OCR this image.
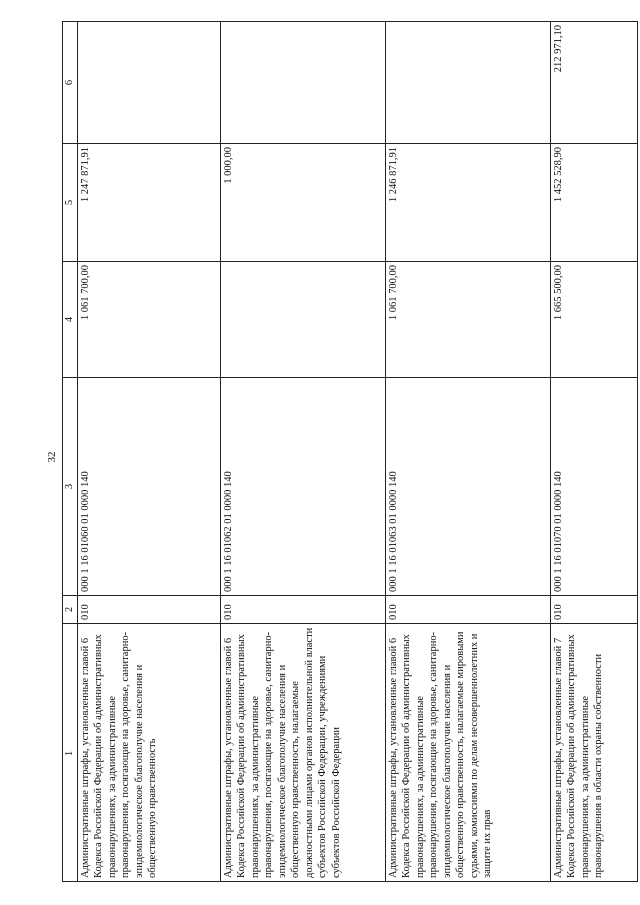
32
1	2	3	4	5	6
Административные штрафы, установленные главой 6 Кодекса Российской Федерации об административных правонарушениях, за административные правонарушения, посягающие на здоровье, санитарно-эпидемиологическое благополучие населения и общественную нравственность	010	000 1 16 01060 01 0000 140	1 061 700,00	1 247 871,91	
Административные штрафы, установленные главой 6 Кодекса Российской Федерации об административных правонарушениях, за административные правонарушения, посягающие на здоровье, санитарно-эпидемиологическое благополучие населения и общественную нравственность, налагаемые должностными лицами органов исполнительной власти субъектов Российской Федерации, учреждениями субъектов Российской Федерации	010	000 1 16 01062 01 0000 140		1 000,00	
Административные штрафы, установленные главой 6 Кодекса Российской Федерации об административных правонарушениях, за административные правонарушения, посягающие на здоровье, санитарно-эпидемиологическое благополучие населения и общественную нравственность, налагаемые мировыми судьями, комиссиями по делам несовершеннолетних и защите их прав	010	000 1 16 01063 01 0000 140	1 061 700,00	1 246 871,91	
Административные штрафы, установленные главой 7 Кодекса Российской Федерации об административных правонарушениях, за административные правонарушения в области охраны собственности	010	000 1 16 01070 01 0000 140	1 665 500,00	1 452 528,90	212 971,10
